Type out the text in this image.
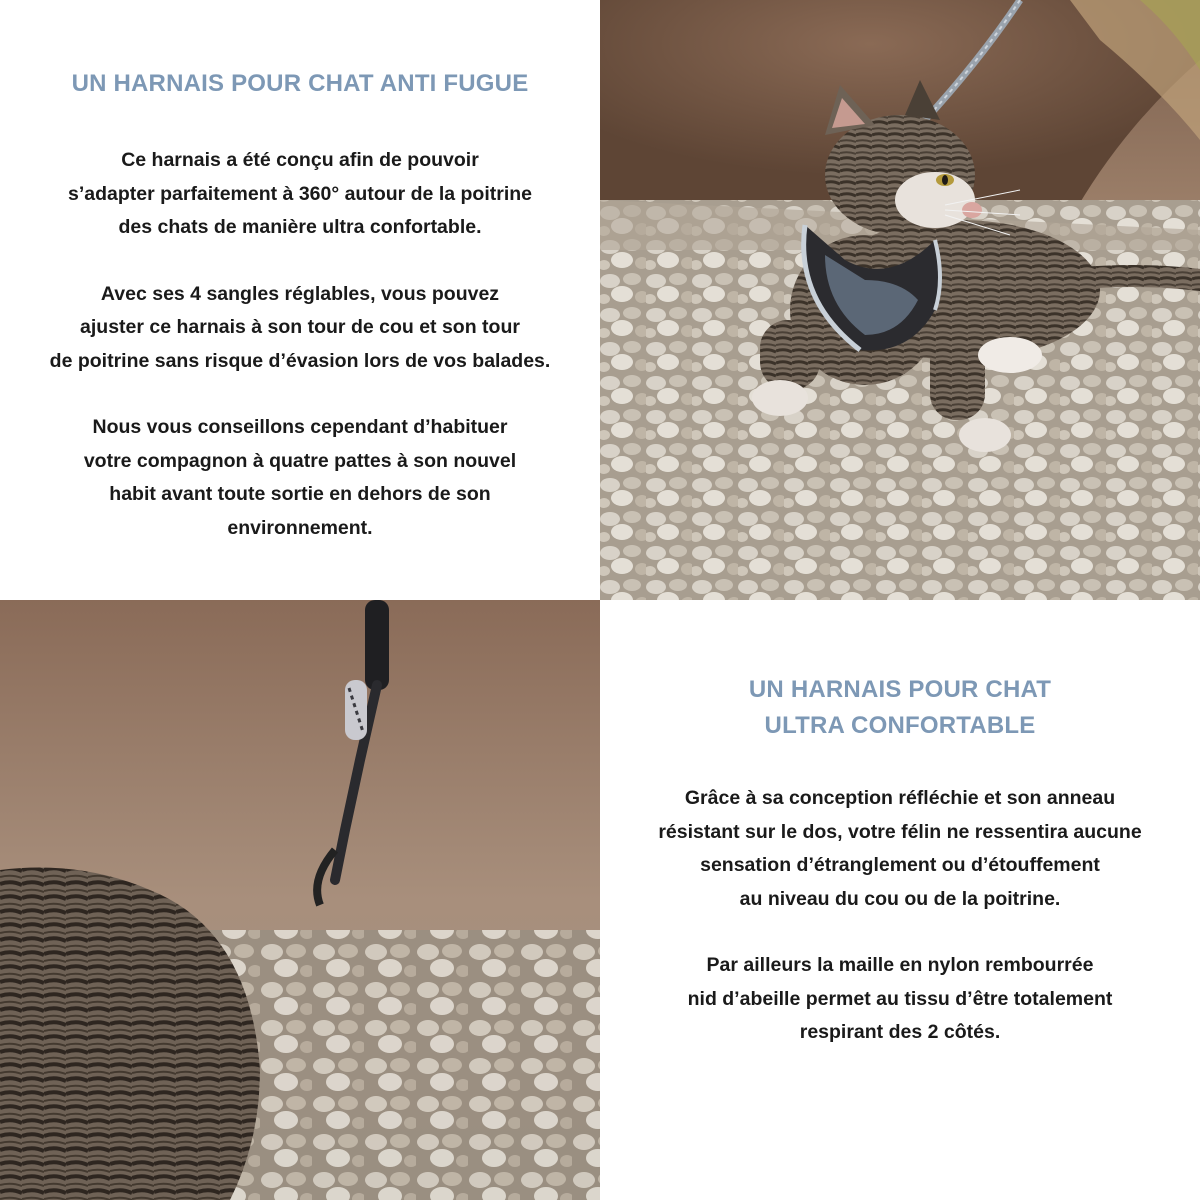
UN HARNAIS POUR CHAT ANTI FUGUE

Ce harnais a été conçu afin de pouvoir
s’adapter parfaitement à 360° autour de la poitrine
des chats de manière ultra confortable.

Avec ses 4 sangles réglables, vous pouvez
ajuster ce harnais à son tour de cou et son tour
de poitrine sans risque d’évasion lors de vos balades.

Nous vous conseillons cependant d’habituer
votre compagnon à quatre pattes à son nouvel
habit avant toute sortie en dehors de son
environnement.

UN HARNAIS POUR CHAT
ULTRA CONFORTABLE

Grâce à sa conception réfléchie et son anneau
résistant sur le dos, votre félin ne ressentira aucune
sensation d’étranglement ou d’étouffement
au niveau du cou ou de la poitrine.

Par ailleurs la maille en nylon rembourrée
nid d’abeille permet au tissu d’être totalement
respirant des 2 côtés.
